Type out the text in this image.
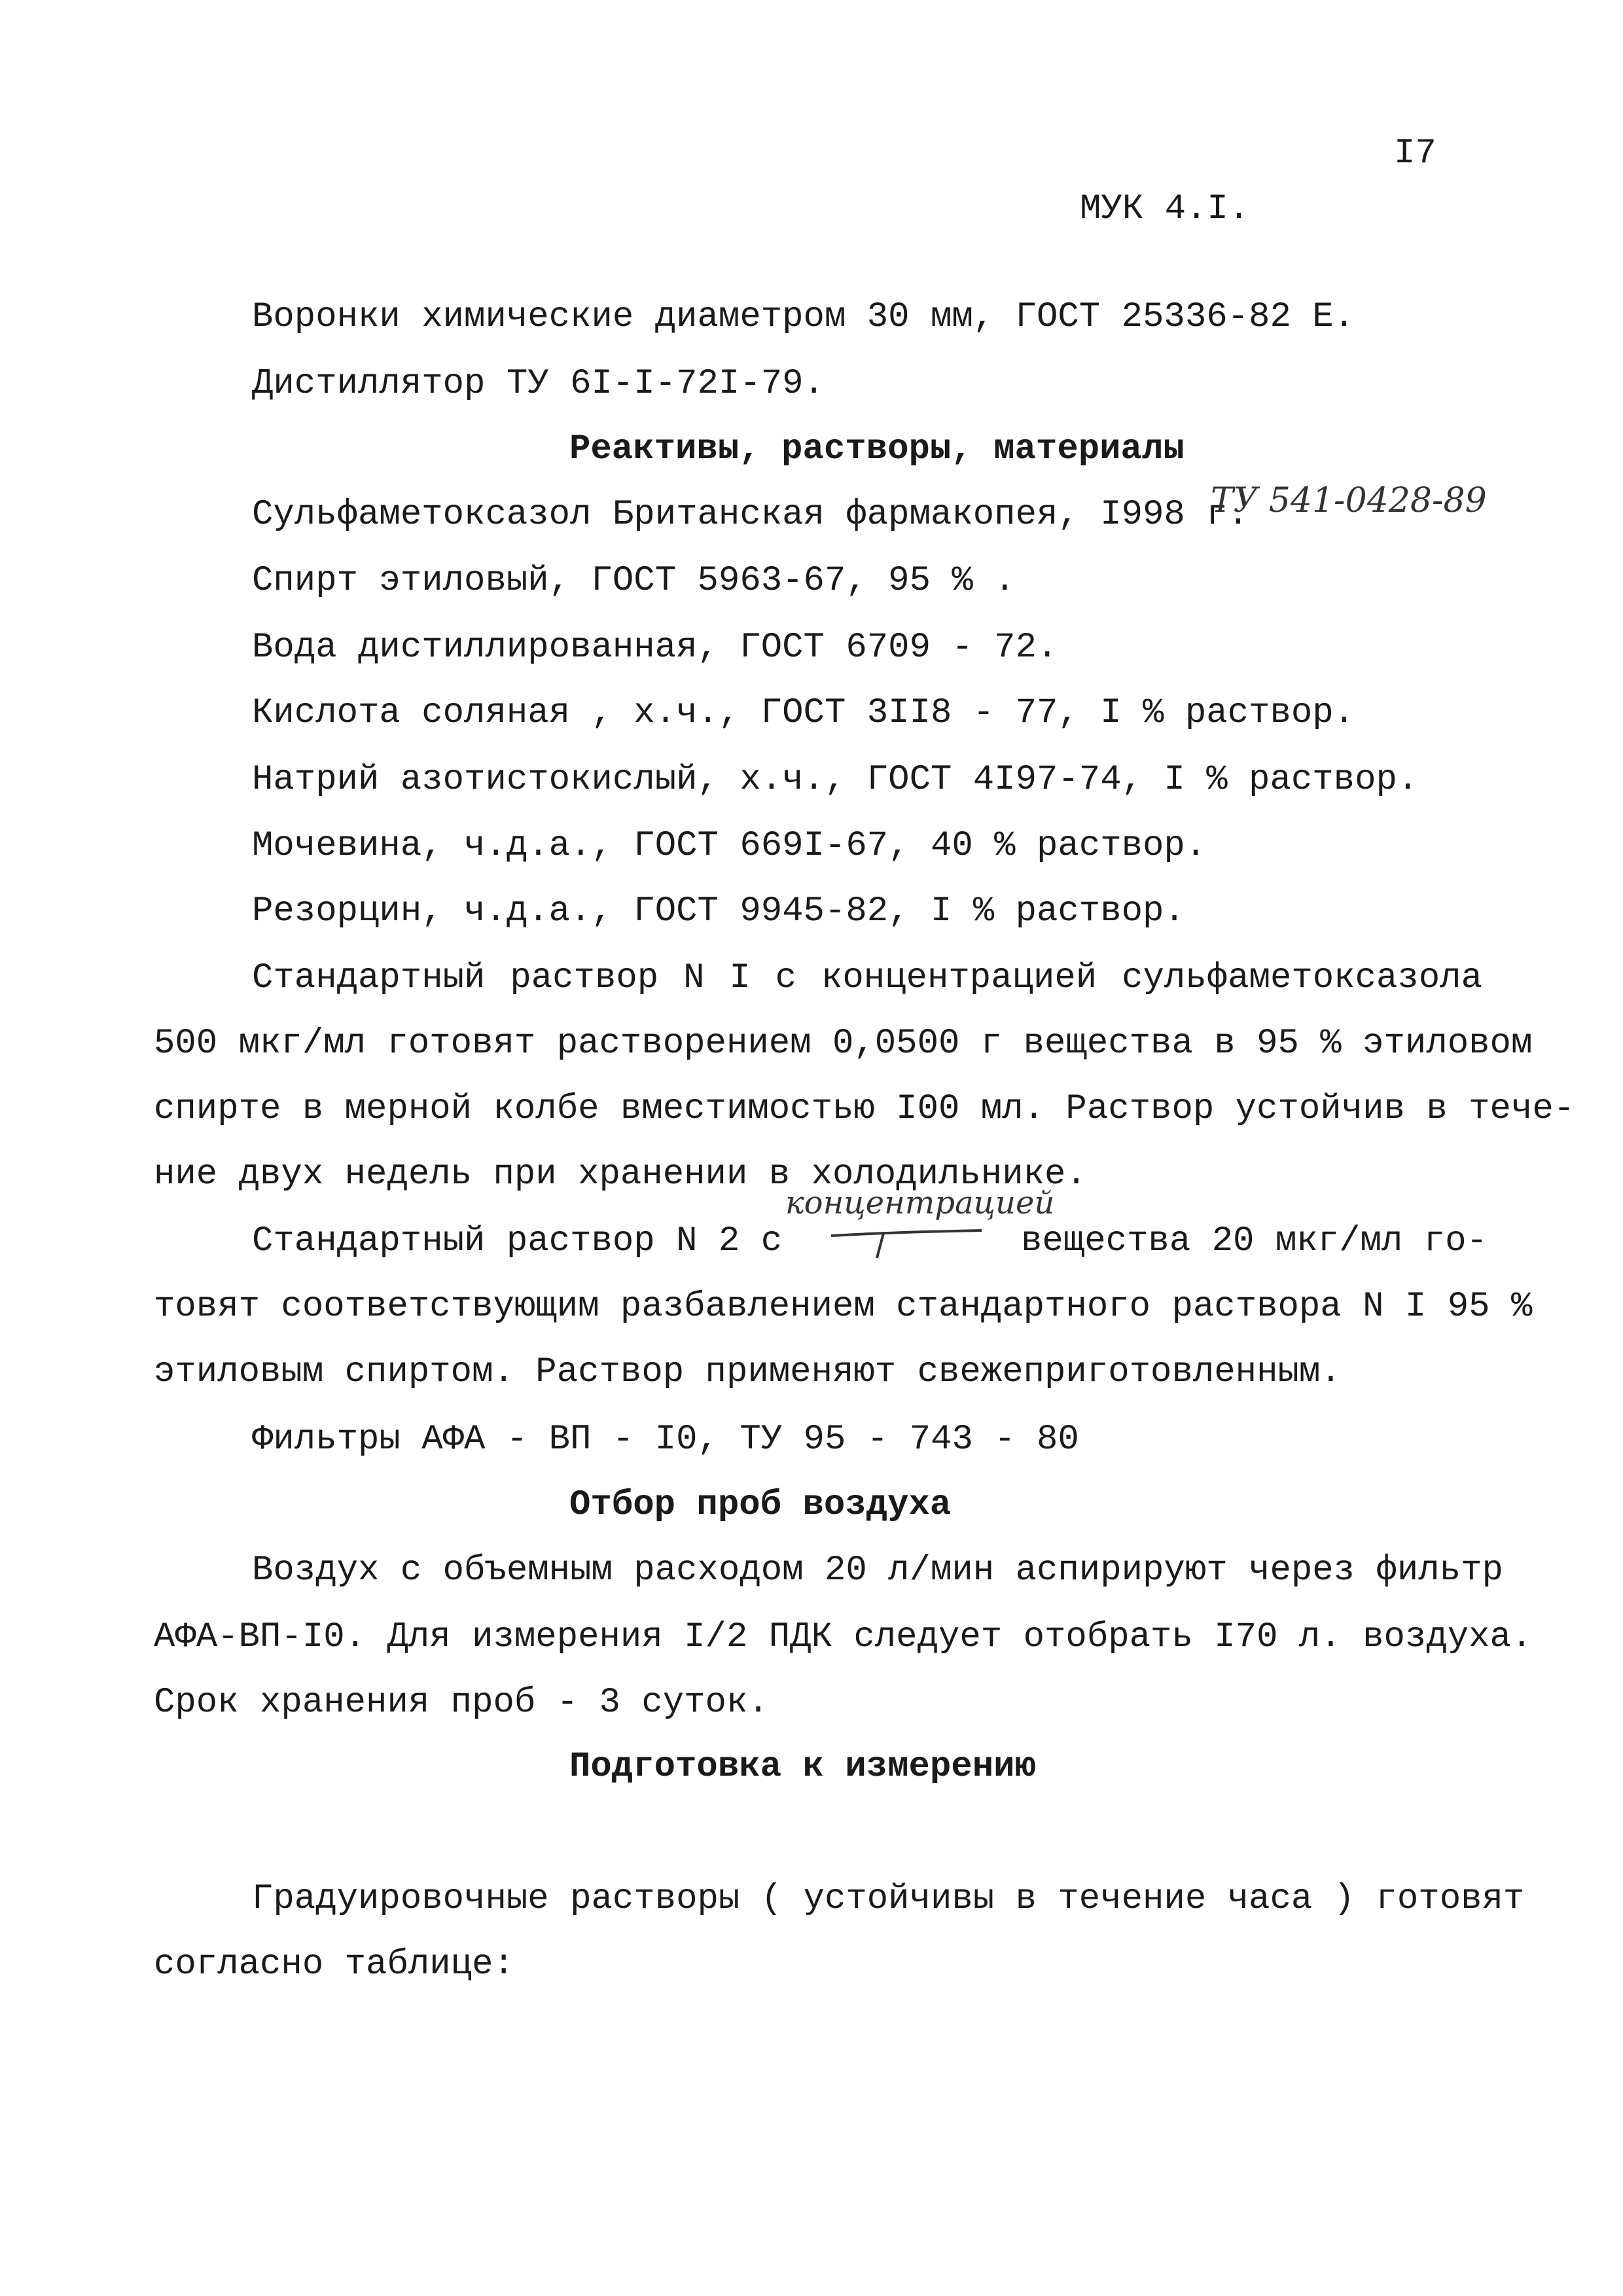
I7
МУК 4.I.
Воронки химические диаметром 30 мм, ГОСТ 25336-82 Е.
Дистиллятор ТУ 6I-I-72I-79.
Реактивы, растворы, материалы
Сульфаметоксазол Британская фармакопея, I998 г.
ТУ 541-0428-89
Спирт этиловый, ГОСТ 5963-67, 95 % .
Вода дистиллированная, ГОСТ 6709 - 72.
Кислота соляная , х.ч., ГОСТ 3II8 - 77, I % раствор.
Натрий азотистокислый, х.ч., ГОСТ 4I97-74, I % раствор.
Мочевина, ч.д.а., ГОСТ 669I-67, 40 % раствор.
Резорцин, ч.д.а., ГОСТ 9945-82, I % раствор.
Стандартный раствор N I с концентрацией сульфаметоксазола
500 мкг/мл готовят растворением 0,0500 г вещества в 95 % этиловом
спирте в мерной колбе вместимостью I00 мл. Раствор устойчив в тече-
ние двух недель при хранении в холодильнике.
концентрацией
Стандартный раствор N 2 с	вещества 20 мкг/мл го-
товят соответствующим разбавлением стандартного раствора N I 95 %
этиловым спиртом. Раствор применяют свежеприготовленным.
Фильтры АФА - ВП - I0, ТУ 95 - 743 - 80
Отбор проб воздуха
Воздух с объемным расходом 20 л/мин аспирируют через фильтр
АФА-ВП-I0. Для измерения I/2 ПДК следует отобрать I70 л. воздуха.
Срок хранения проб - 3 суток.
Подготовка к измерению
Градуировочные растворы ( устойчивы в течение часа ) готовят
согласно таблице:
